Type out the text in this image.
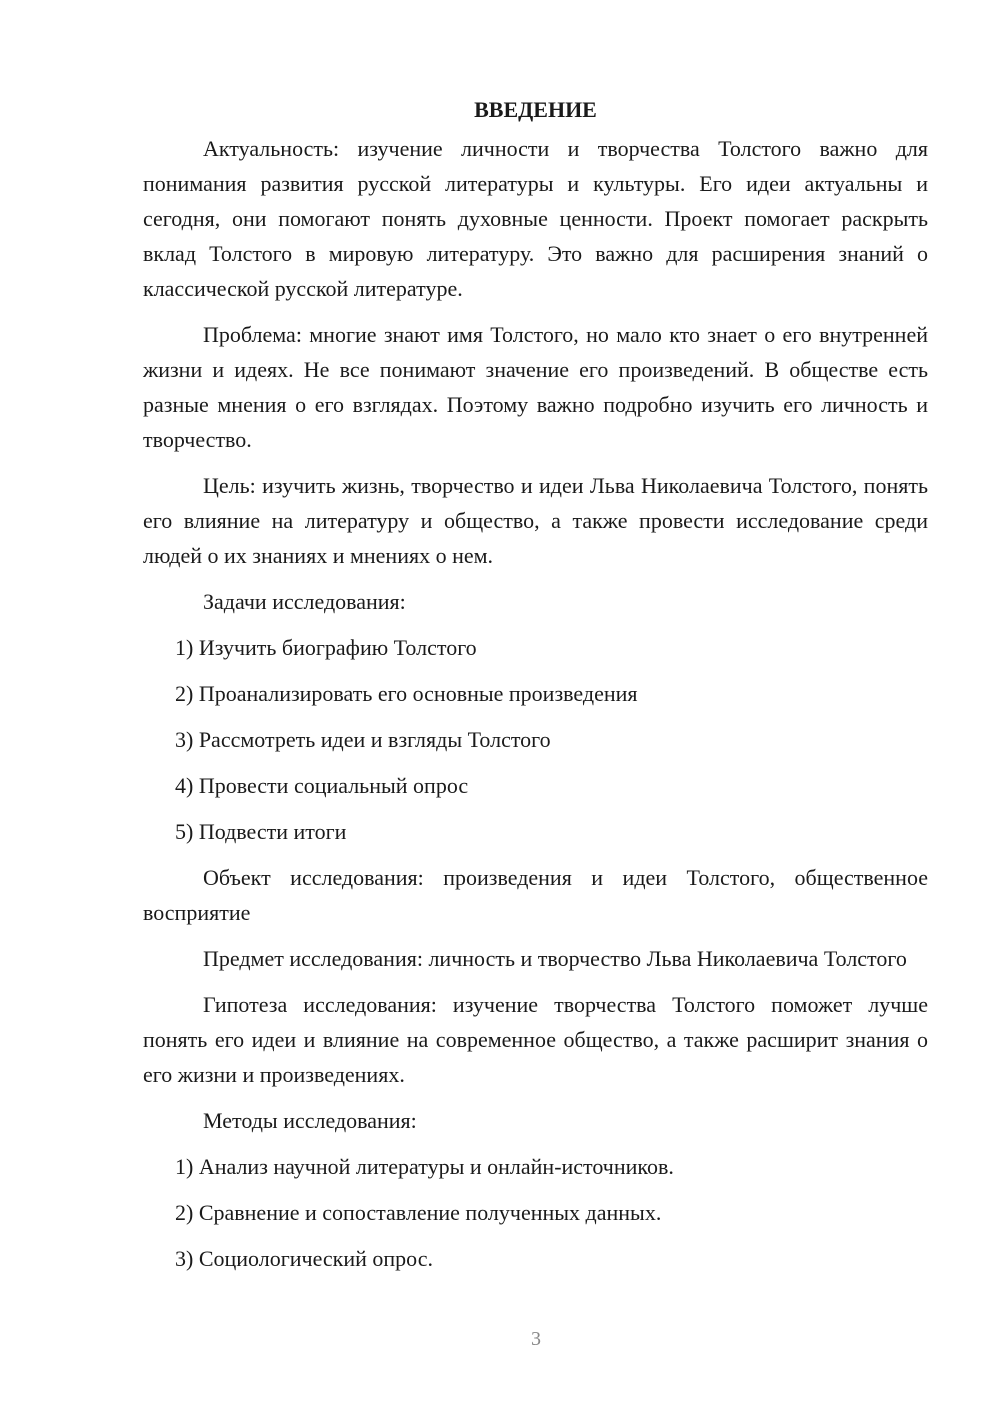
ВВЕДЕНИЕ

Актуальность: изучение личности и творчества Толстого важно для понимания развития русской литературы и культуры. Его идеи актуальны и сегодня, они помогают понять духовные ценности. Проект помогает раскрыть вклад Толстого в мировую литературу. Это важно для расширения знаний о классической русской литературе.

Проблема: многие знают имя Толстого, но мало кто знает о его внутренней жизни и идеях. Не все понимают значение его произведений. В обществе есть разные мнения о его взглядах. Поэтому важно подробно изучить его личность и творчество.

Цель: изучить жизнь, творчество и идеи Льва Николаевича Толстого, понять его влияние на литературу и общество, а также провести исследование среди людей о их знаниях и мнениях о нем.

Задачи исследования:

1) Изучить биографию Толстого
2) Проанализировать его основные произведения
3) Рассмотреть идеи и взгляды Толстого
4) Провести социальный опрос
5) Подвести итоги

Объект исследования: произведения и идеи Толстого, общественное восприятие

Предмет исследования: личность и творчество Льва Николаевича Толстого

Гипотеза исследования: изучение творчества Толстого поможет лучше понять его идеи и влияние на современное общество, а также расширит знания о его жизни и произведениях.

Методы исследования:

1) Анализ научной литературы и онлайн-источников.
2) Сравнение и сопоставление полученных данных.
3) Социологический опрос.
3
